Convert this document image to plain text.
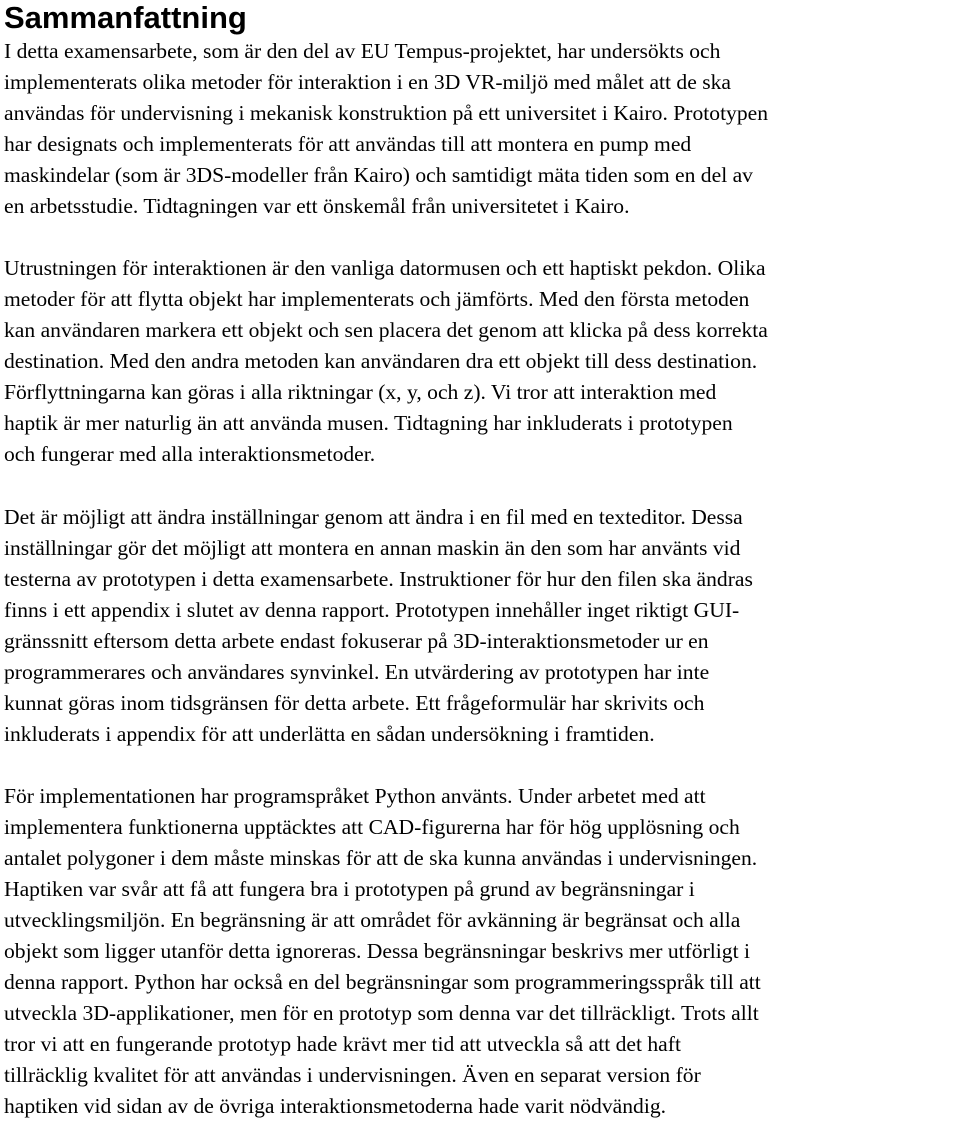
Sammanfattning

I detta examensarbete, som är den del av EU Tempus-projektet, har undersökts och

implementerats olika metoder för interaktion i en 3D VR-miljö med målet att de ska

användas för undervisning i mekanisk konstruktion på ett universitet i Kairo. Prototypen

har designats och implementerats för att användas till att montera en pump med

maskindelar (som är 3DS-modeller från Kairo) och samtidigt mäta tiden som en del av

en arbetsstudie. Tidtagningen var ett önskemål från universitetet i Kairo.

Utrustningen för interaktionen är den vanliga datormusen och ett haptiskt pekdon. Olika

metoder för att flytta objekt har implementerats och jämförts. Med den första metoden

kan användaren markera ett objekt och sen placera det genom att klicka på dess korrekta

destination. Med den andra metoden kan användaren dra ett objekt till dess destination.

Förflyttningarna kan göras i alla riktningar (x, y, och z). Vi tror att interaktion med

haptik är mer naturlig än att använda musen. Tidtagning har inkluderats i prototypen

och fungerar med alla interaktionsmetoder.

Det är möjligt att ändra inställningar genom att ändra i en fil med en texteditor. Dessa

inställningar gör det möjligt att montera en annan maskin än den som har använts vid

testerna av prototypen i detta examensarbete. Instruktioner för hur den filen ska ändras

finns i ett appendix i slutet av denna rapport. Prototypen innehåller inget riktigt GUI-

gränssnitt eftersom detta arbete endast fokuserar på 3D-interaktionsmetoder ur en

programmerares och användares synvinkel. En utvärdering av prototypen har inte

kunnat göras inom tidsgränsen för detta arbete. Ett frågeformulär har skrivits och

inkluderats i appendix för att underlätta en sådan undersökning i framtiden.

För implementationen har programspråket Python använts. Under arbetet med att

implementera funktionerna upptäcktes att CAD-figurerna har för hög upplösning och

antalet polygoner i dem måste minskas för att de ska kunna användas i undervisningen.

Haptiken var svår att få att fungera bra i prototypen på grund av begränsningar i

utvecklingsmiljön. En begränsning är att området för avkänning är begränsat och alla

objekt som ligger utanför detta ignoreras. Dessa begränsningar beskrivs mer utförligt i

denna rapport. Python har också en del begränsningar som programmeringsspråk till att

utveckla 3D-applikationer, men för en prototyp som denna var det tillräckligt. Trots allt

tror vi att en fungerande prototyp hade krävt mer tid att utveckla så att det haft

tillräcklig kvalitet för att användas i undervisningen. Även en separat version för

haptiken vid sidan av de övriga interaktionsmetoderna hade varit nödvändig.
